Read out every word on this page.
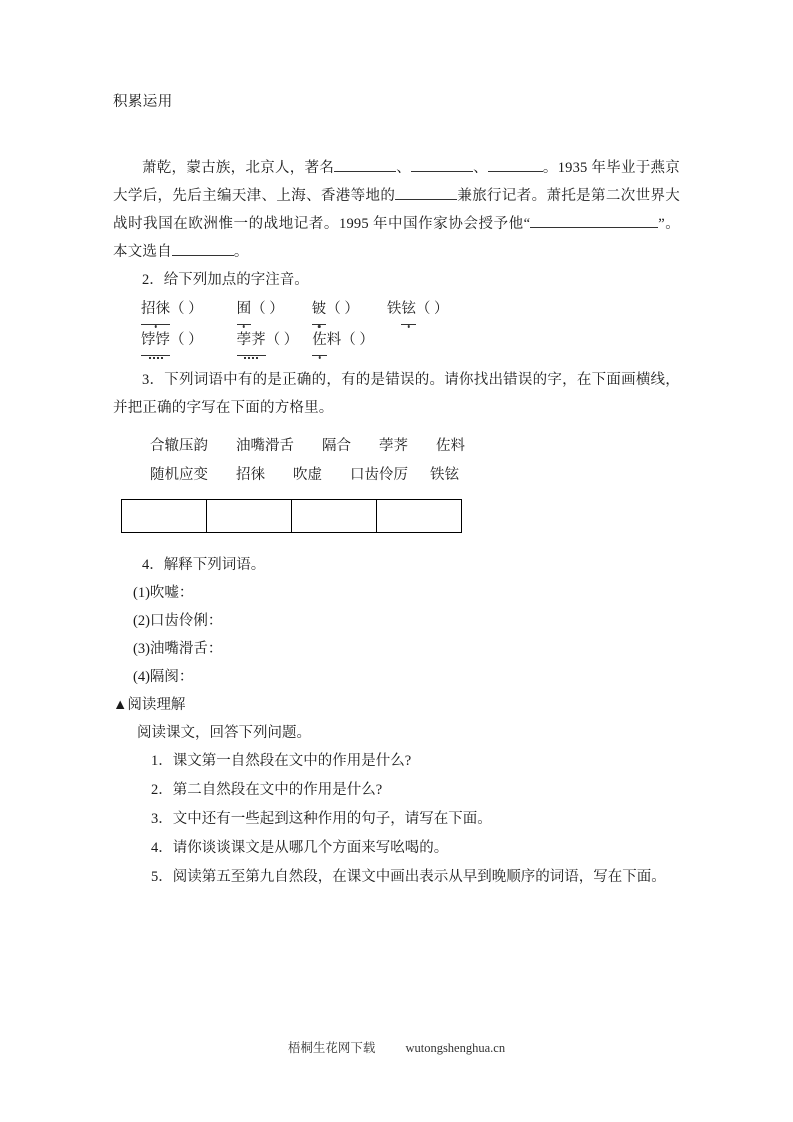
积累运用

萧乾，蒙古族，北京人，著名	、	、	。1935 年毕业于燕京大学后，先后主编天津、上海、香港等地的	兼旅行记者。萧托是第二次世界大战时我国在欧洲惟一的战地记者。1995 年中国作家协会授予他“	”。本文选自	。

2．给下列加点的字注音。

招徕（ ） 囿（ ） 铍（ ） 铁铉（ ）

饽饽（ ） 荸荠（ ） 佐料（ ）

3．下列词语中有的是正确的，有的是错误的。请你找出错误的字，在下面画横线，并把正确的字写在下面的方格里。

合辙压韵 油嘴滑舌 隔合 荸荠 佐料

随机应变 招徕 吹虚 口齿伶厉 铁铉

4．解释下列词语。

(1)吹嘘：

(2)口齿伶俐：

(3)油嘴滑舌：

(4)隔阂：

▲阅读理解

阅读课文，回答下列问题。

1．课文第一自然段在文中的作用是什么?

2．第二自然段在文中的作用是什么?

3．文中还有一些起到这种作用的句子，请写在下面。

4．请你谈谈课文是从哪几个方面来写吆喝的。

5．阅读第五至第九自然段，在课文中画出表示从早到晚顺序的词语，写在下面。

梧桐生花网下载 wutongshenghua.cn
